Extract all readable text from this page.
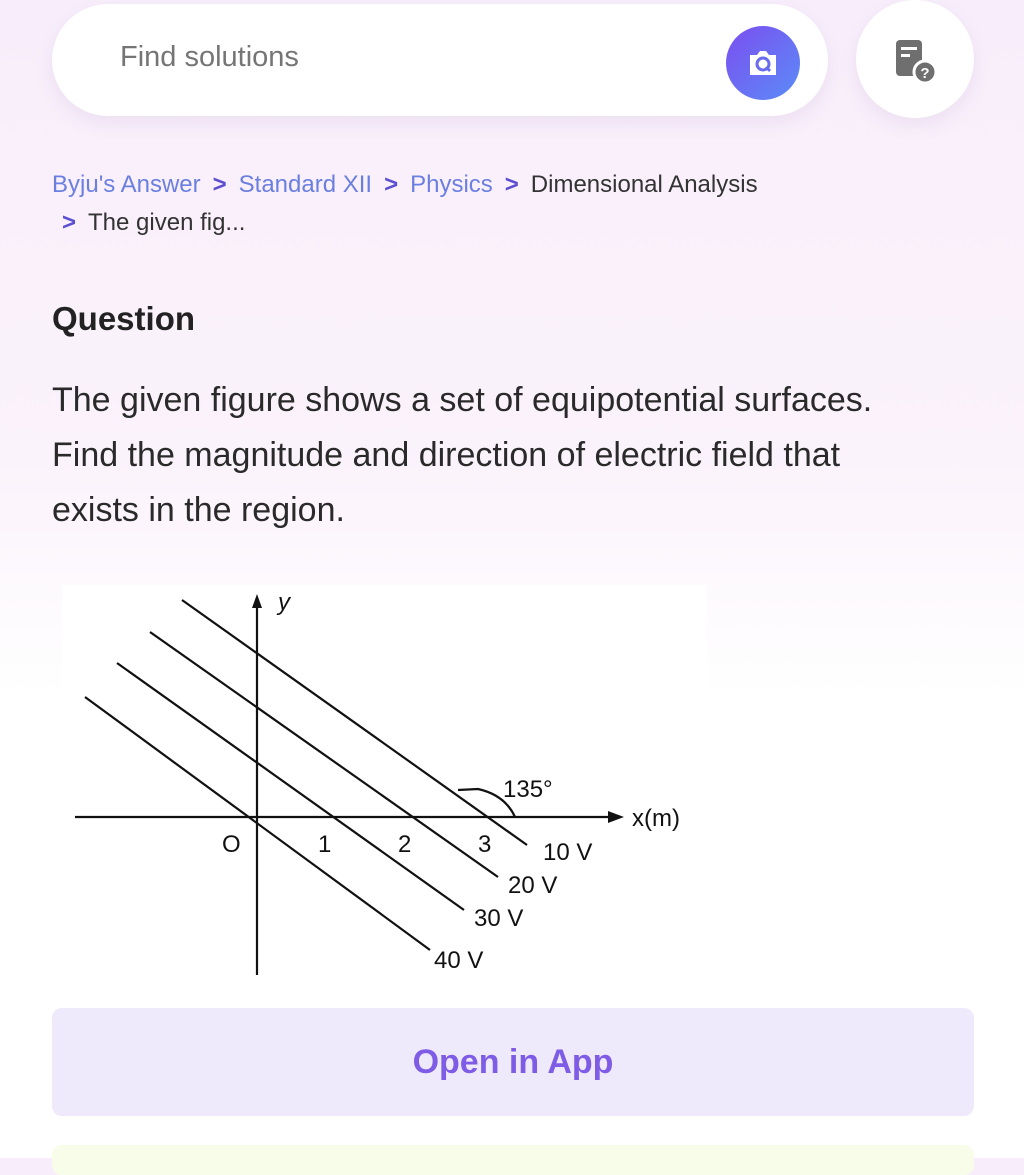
Find solutions
?
Byju's Answer > Standard XII > Physics > Dimensional Analysis
> The given fig...
Question
The given figure shows a set of equipotential surfaces. Find the magnitude and direction of electric field that exists in the region.
y
x(m)
O	1	2	3
135°
10 V
20 V
30 V
40 V
Open in App
